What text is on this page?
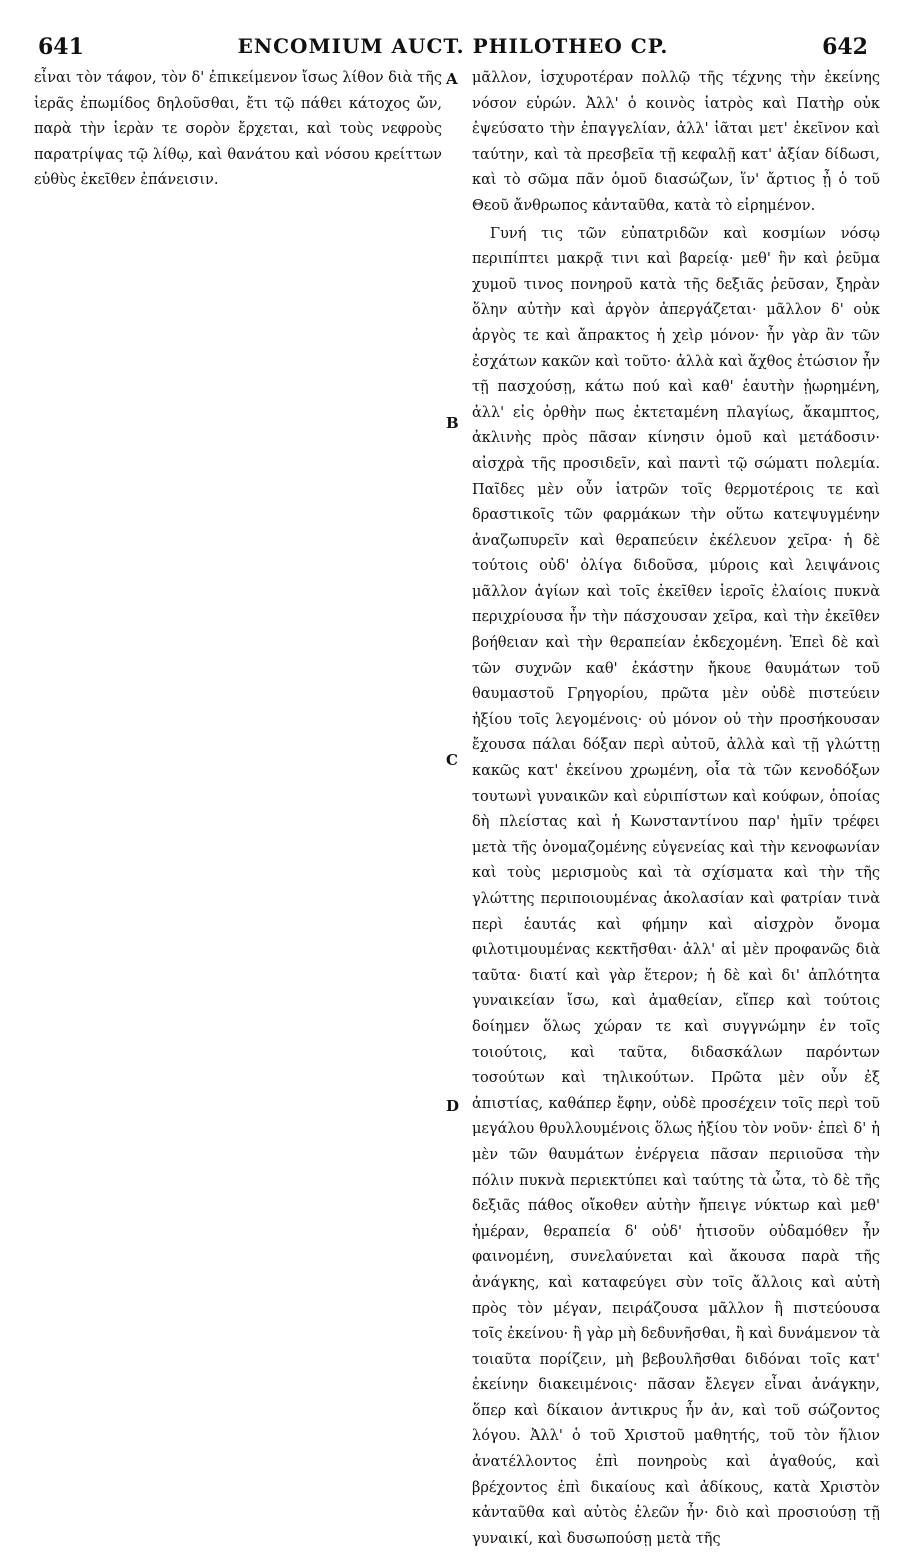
641	ENCOMIUM AUCT. PHILOTHEO CP.	642

εἶναι τὸν τάφον, τὸν δ' ἐπικείμενον ἴσως λίθον διὰ τῆς ἱερᾶς ἐπωμίδος δηλοῦσθαι, ἔτι τῷ πάθει κάτοχος ὤν, παρὰ τὴν ἱερὰν τε σορὸν ἔρχεται, καὶ τοὺς νεφροὺς παρατρίψας τῷ λίθῳ, καὶ θανάτου καὶ νόσου κρείττων εὐθὺς ἐκεῖθεν ἐπάνεισιν.

A
B
C
D

μᾶλλον, ἰσχυροτέραν πολλῷ τῆς τέχνης τὴν ἐκείνης νόσον εὑρών. Ἀλλ' ὁ κοινὸς ἰατρὸς καὶ Πατὴρ οὐκ ἐψεύσατο τὴν ἐπαγγελίαν, ἀλλ' ἰᾶται μετ' ἐκεῖνον καὶ ταύτην, καὶ τὰ πρεσβεῖα τῇ κεφαλῇ κατ' ἀξίαν δίδωσι, καὶ τὸ σῶμα πᾶν ὁμοῦ διασώζων, ἵν' ἄρτιος ᾖ ὁ τοῦ Θεοῦ ἄνθρωπος κἀνταῦθα, κατὰ τὸ εἰρημένον.

Γυνή τις τῶν εὐπατριδῶν καὶ κοσμίων νόσῳ περιπίπτει μακρᾷ τινι καὶ βαρείᾳ· μεθ' ἣν καὶ ῥεῦμα χυμοῦ τινος πονηροῦ κατὰ τῆς δεξιᾶς ῥεῦσαν, ξηρὰν ὅλην αὐτὴν καὶ ἀργὸν ἀπεργάζεται· μᾶλλον δ' οὐκ ἀργὸς τε καὶ ἄπρακτος ἡ χεὶρ μόνον· ἦν γὰρ ἂν τῶν ἐσχάτων κακῶν καὶ τοῦτο· ἀλλὰ καὶ ἄχθος ἐτώσιον ἦν τῇ πασχούσῃ, κάτω πού καὶ καθ' ἑαυτὴν ᾐωρημένη, ἀλλ' εἰς ὀρθὴν πως ἐκτεταμένη πλαγίως, ἄκαμπτος, ἀκλινὴς πρὸς πᾶσαν κίνησιν ὁμοῦ καὶ μετάδοσιν· αἰσχρὰ τῆς προσιδεῖν, καὶ παντὶ τῷ σώματι πολεμία. Παῖδες μὲν οὖν ἰατρῶν τοῖς θερμοτέροις τε καὶ δραστικοῖς τῶν φαρμάκων τὴν οὕτω κατεψυγμένην ἀναζωπυρεῖν καὶ θεραπεύειν ἐκέλευον χεῖρα· ἡ δὲ τούτοις οὐδ' ὀλίγα διδοῦσα, μύροις καὶ λειψάνοις μᾶλλον ἁγίων καὶ τοῖς ἐκεῖθεν ἱεροῖς ἐλαίοις πυκνὰ περιχρίουσα ἦν τὴν πάσχουσαν χεῖρα, καὶ τὴν ἐκεῖθεν βοήθειαν καὶ τὴν θεραπείαν ἐκδεχομένη. Ἐπεὶ δὲ καὶ τῶν συχνῶν καθ' ἑκάστην ἤκουε θαυμάτων τοῦ θαυμαστοῦ Γρηγορίου, πρῶτα μὲν οὐδὲ πιστεύειν ἠξίου τοῖς λεγομένοις· οὐ μόνον οὐ τὴν προσήκουσαν ἔχουσα πάλαι δόξαν περὶ αὐτοῦ, ἀλλὰ καὶ τῇ γλώττῃ κακῶς κατ' ἐκείνου χρωμένη, οἷα τὰ τῶν κενοδόξων τουτωνὶ γυναικῶν καὶ εὐριπίστων καὶ κούφων, ὁποίας δὴ πλείστας καὶ ἡ Κωνσταντίνου παρ' ἡμῖν τρέφει μετὰ τῆς ὀνομαζομένης εὐγενείας καὶ τὴν κενοφωνίαν καὶ τοὺς μερισμοὺς καὶ τὰ σχίσματα καὶ τὴν τῆς γλώττης περιποιουμένας ἀκολασίαν καὶ φατρίαν τινὰ περὶ ἑαυτάς καὶ φήμην καὶ αἰσχρὸν ὄνομα φιλοτιμουμένας κεκτῆσθαι· ἀλλ' αἱ μὲν προφανῶς διὰ ταῦτα· διατί καὶ γὰρ ἕτερον; ἡ δὲ καὶ δι' ἁπλότητα γυναικείαν ἴσω, καὶ ἀμαθείαν, εἴπερ καὶ τούτοις δοίημεν ὅλως χώραν τε καὶ συγγνώμην ἐν τοῖς τοιούτοις, καὶ ταῦτα, διδασκάλων παρόντων τοσούτων καὶ τηλικούτων. Πρῶτα μὲν οὖν ἐξ ἀπιστίας, καθάπερ ἔφην, οὐδὲ προσέχειν τοῖς περὶ τοῦ μεγάλου θρυλλουμένοις ὅλως ἠξίου τὸν νοῦν· ἐπεὶ δ' ἡ μὲν τῶν θαυμάτων ἐνέργεια πᾶσαν περιιοῦσα τὴν πόλιν πυκνὰ περιεκτύπει καὶ ταύτης τὰ ὦτα, τὸ δὲ τῆς δεξιᾶς πάθος οἴκοθεν αὐτὴν ἤπειγε νύκτωρ καὶ μεθ' ἡμέραν, θεραπεία δ' οὐδ' ἡτισοῦν οὐδαμόθεν ἦν φαινομένη, συνελαύνεται καὶ ἄκουσα παρὰ τῆς ἀνάγκης, καὶ καταφεύγει σὺν τοῖς ἄλλοις καὶ αὐτὴ πρὸς τὸν μέγαν, πειράζουσα μᾶλλον ἢ πιστεύουσα τοῖς ἐκείνου· ἢ γὰρ μὴ δεδυνῆσθαι, ἢ καὶ δυνάμενον τὰ τοιαῦτα πορίζειν, μὴ βεβουλῆσθαι διδόναι τοῖς κατ' ἐκείνην διακειμένοις· πᾶσαν ἔλεγεν εἶναι ἀνάγκην, ὅπερ καὶ δίκαιον ἀντικρυς ἦν ἀν, καὶ τοῦ σώζοντος λόγου. Ἀλλ' ὁ τοῦ Χριστοῦ μαθητής, τοῦ τὸν ἥλιον ἀνατέλλοντος ἐπὶ πονηροὺς καὶ ἀγαθούς, καὶ βρέχοντος ἐπὶ δικαίους καὶ ἀδίκους, κατὰ Χριστὸν κἀνταῦθα καὶ αὐτὸς ἐλεῶν ἦν· διὸ καὶ προσιούσῃ τῇ γυναικί, καὶ δυσωπούσῃ μετὰ τῆς
